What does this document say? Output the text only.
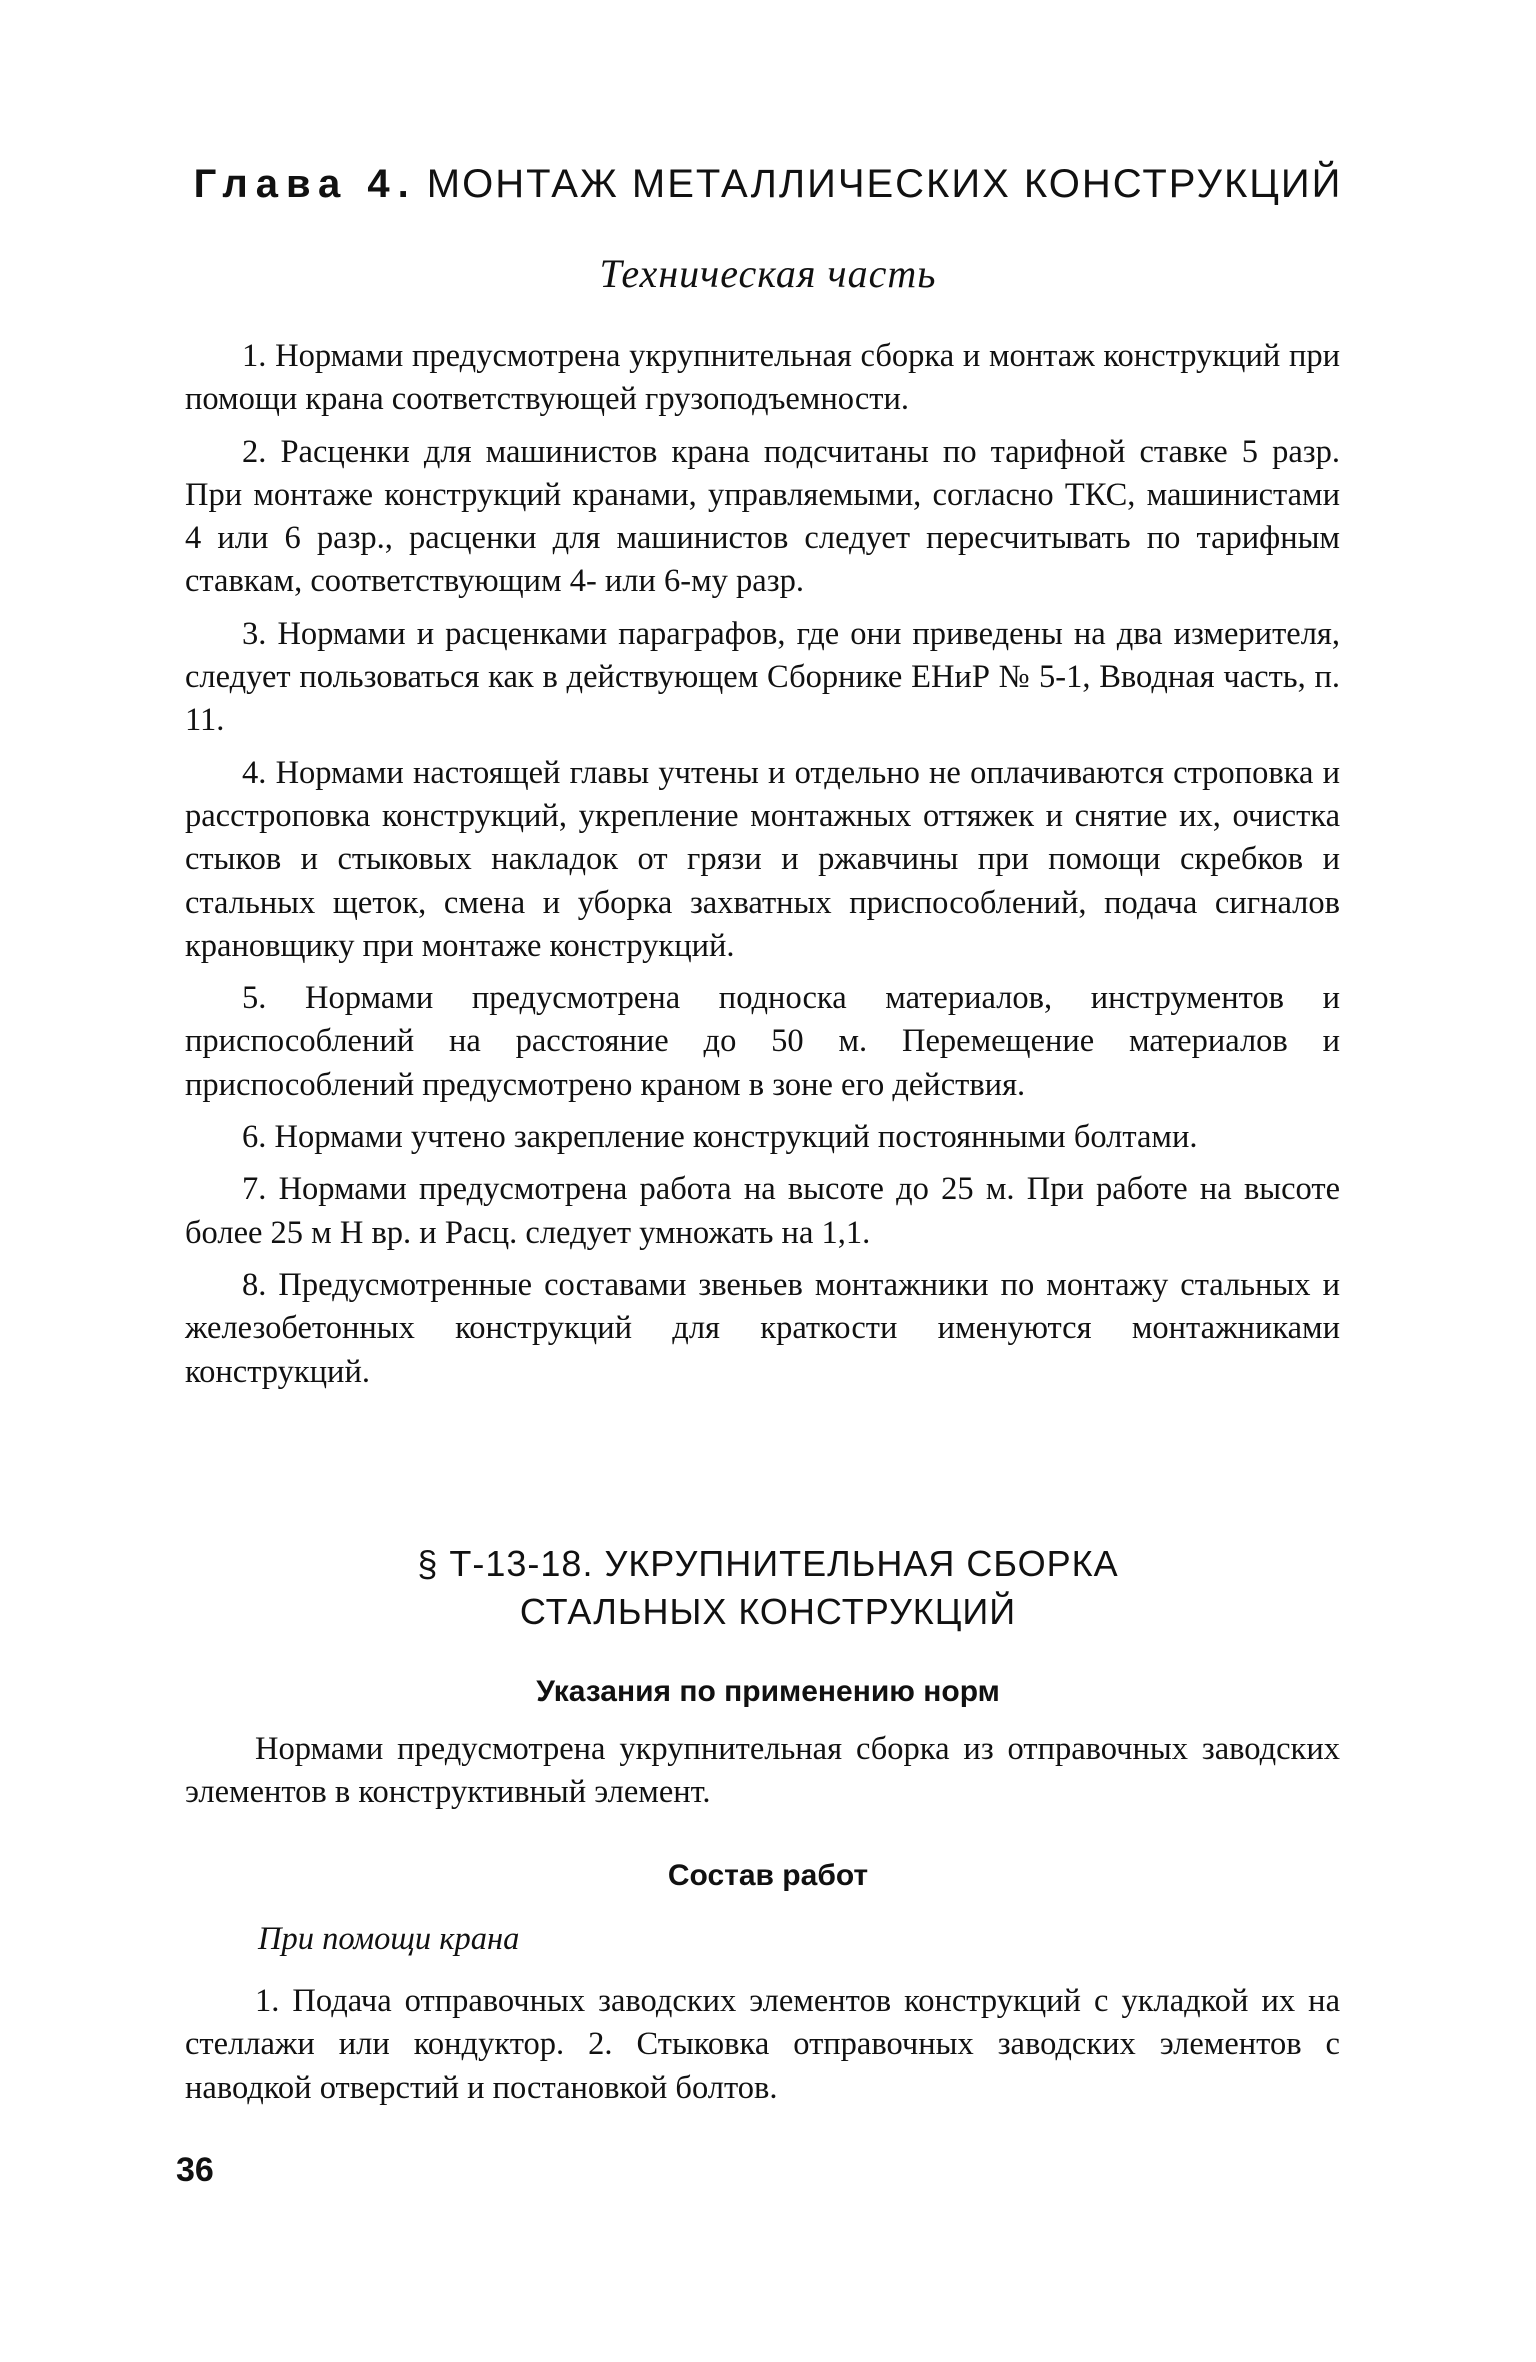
Глава 4. МОНТАЖ МЕТАЛЛИЧЕСКИХ КОНСТРУКЦИЙ
Техническая часть

1. Нормами предусмотрена укрупнительная сборка и монтаж конструкций при помощи крана соответствующей грузоподъемности.

2. Расценки для машинистов крана подсчитаны по тарифной ставке 5 разр. При монтаже конструкций кранами, управляемыми, согласно ТКС, машинистами 4 или 6 разр., расценки для машинистов следует пересчитывать по тарифным ставкам, соответствующим 4- или 6-му разр.

3. Нормами и расценками параграфов, где они приведены на два измерителя, следует пользоваться как в действующем Сборнике ЕНиР № 5-1, Вводная часть, п. 11.

4. Нормами настоящей главы учтены и отдельно не оплачиваются строповка и расстроповка конструкций, укрепление монтажных оттяжек и снятие их, очистка стыков и стыковых накладок от грязи и ржавчины при помощи скребков и стальных щеток, смена и уборка захватных приспособлений, подача сигналов крановщику при монтаже конструкций.

5. Нормами предусмотрена подноска материалов, инструментов и приспособлений на расстояние до 50 м. Перемещение материалов и приспособлений предусмотрено краном в зоне его действия.

6. Нормами учтено закрепление конструкций постоянными болтами.

7. Нормами предусмотрена работа на высоте до 25 м. При работе на высоте более 25 м Н вр. и Расц. следует умножать на 1,1.

8. Предусмотренные составами звеньев монтажники по монтажу стальных и железобетонных конструкций для краткости именуются монтажниками конструкций.

§ Т-13-18. УКРУПНИТЕЛЬНАЯ СБОРКА
СТАЛЬНЫХ КОНСТРУКЦИЙ
Указания по применению норм

Нормами предусмотрена укрупнительная сборка из отправочных заводских элементов в конструктивный элемент.

Состав работ
При помощи крана

1. Подача отправочных заводских элементов конструкций с укладкой их на стеллажи или кондуктор. 2. Стыковка отправочных заводских элементов с наводкой отверстий и постановкой болтов.

36
